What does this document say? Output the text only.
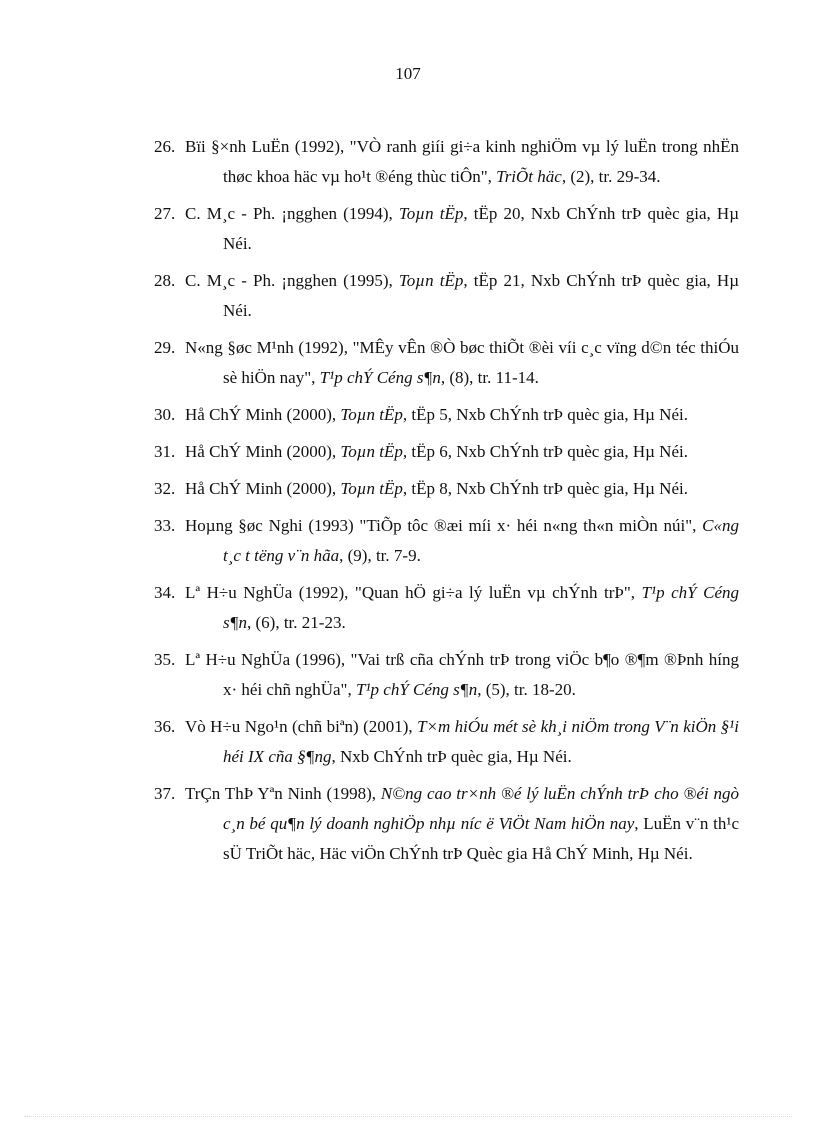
107
26. Bïi §×nh LuËn (1992), "VÒ ranh giíi gi÷a kinh nghiÖm vµ lý luËn trong nhËn thøc khoa häc vµ ho¹t ®éng thùc tiÔn", TriÕt häc, (2), tr. 29-34.
27. C. M¸c - Ph. ¡ngghen (1994), Toµn tËp, tËp 20, Nxb ChÝnh trÞ quèc gia, Hµ Néi.
28. C. M¸c - Ph. ¡ngghen (1995), Toµn tËp, tËp 21, Nxb ChÝnh trÞ quèc gia, Hµ Néi.
29. N«ng §øc M¹nh (1992), "MÊy vÊn ®Ò bøc thiÕt ®èi víi c¸c vïng d©n téc thiÓu sè hiÖn nay", T¹p chÝ Céng s¶n, (8), tr. 11-14.
30. Hå ChÝ Minh (2000), Toµn tËp, tËp 5, Nxb ChÝnh trÞ quèc gia, Hµ Néi.
31. Hå ChÝ Minh (2000), Toµn tËp, tËp 6, Nxb ChÝnh trÞ quèc gia, Hµ Néi.
32. Hå ChÝ Minh (2000), Toµn tËp, tËp 8, Nxb ChÝnh trÞ quèc gia, Hµ Néi.
33. Hoµng §øc Nghi (1993) "TiÕp tôc ®æi míi x· héi n«ng th«n miÒn núi", C«ng t¸c t tëng v¨n hãa, (9), tr. 7-9.
34. Lª H÷u NghÜa (1992), "Quan hÖ gi÷a lý luËn vµ chÝnh trÞ", T¹p chÝ Céng s¶n, (6), tr. 21-23.
35. Lª H÷u NghÜa (1996), "Vai trß cña chÝnh trÞ trong viÖc b¶o ®¶m ®Þnh híng x· héi chñ nghÜa", T¹p chÝ Céng s¶n, (5), tr. 18-20.
36. Vò H÷u Ngo¹n (chñ biªn) (2001), T×m hiÓu mét sè kh¸i niÖm trong V¨n kiÖn §¹i héi IX cña §¶ng, Nxb ChÝnh trÞ quèc gia, Hµ Néi.
37. TrÇn ThÞ Yªn Ninh (1998), N©ng cao tr×nh ®é lý luËn chÝnh trÞ cho ®éi ngò c¸n bé qu¶n lý doanh nghiÖp nhµ níc ë ViÖt Nam hiÖn nay, LuËn v¨n th¹c sÜ TriÕt häc, Häc viÖn ChÝnh trÞ Quèc gia Hå ChÝ Minh, Hµ Néi.
